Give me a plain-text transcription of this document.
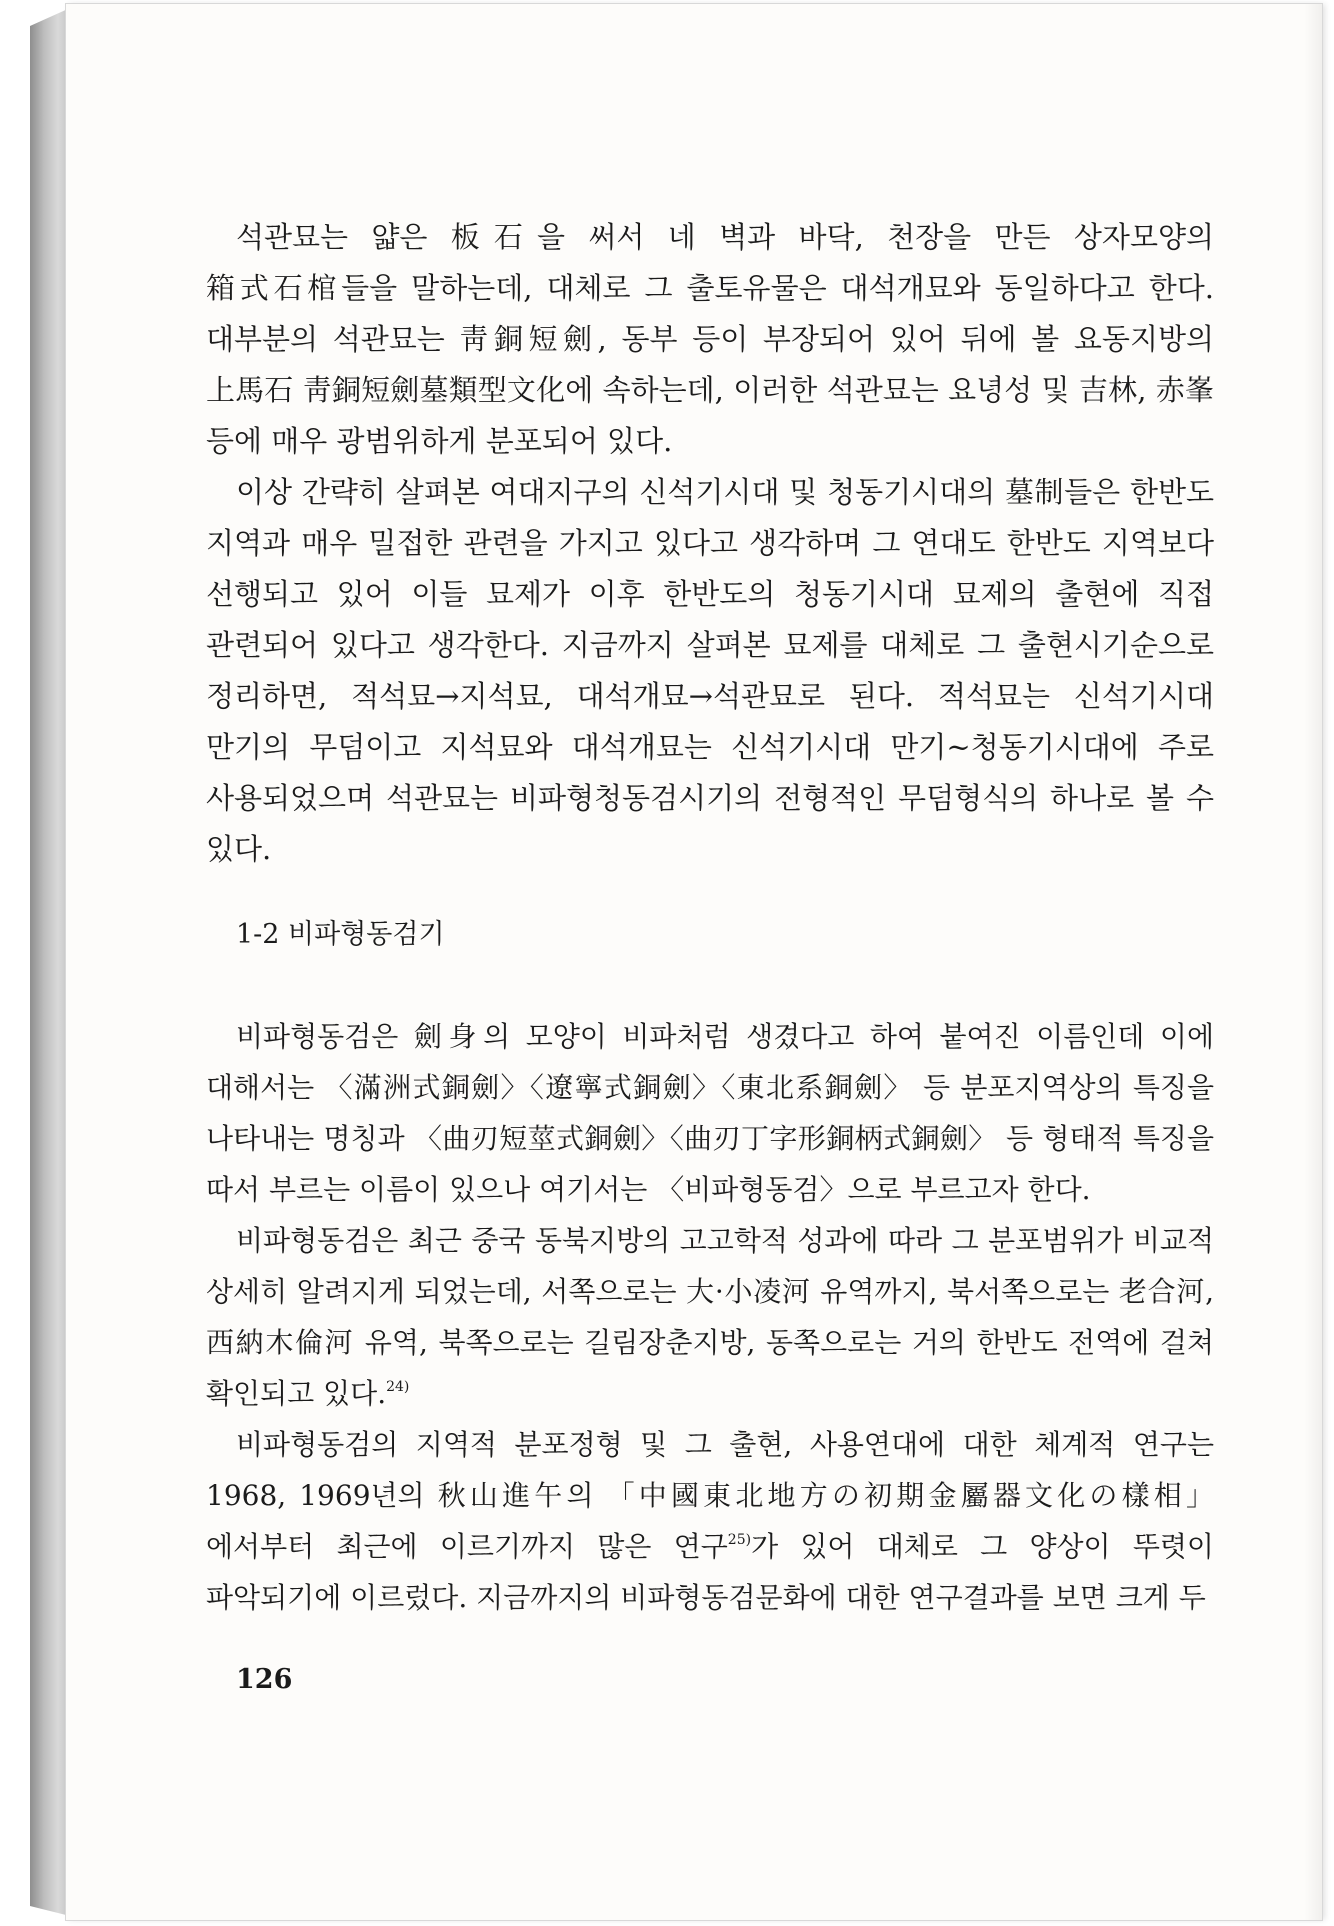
석관묘는 얇은 板石을 써서 네 벽과 바닥, 천장을 만든 상자모양의 箱式石棺들을 말하는데, 대체로 그 출토유물은 대석개묘와 동일하다고 한다. 대부분의 석관묘는 靑銅短劍, 동부 등이 부장되어 있어 뒤에 볼 요동지방의 上馬石 靑銅短劍墓類型文化에 속하는데, 이러한 석관묘는 요녕성 및 吉林, 赤峯 등에 매우 광범위하게 분포되어 있다.

이상 간략히 살펴본 여대지구의 신석기시대 및 청동기시대의 墓制들은 한반도 지역과 매우 밀접한 관련을 가지고 있다고 생각하며 그 연대도 한반도 지역보다 선행되고 있어 이들 묘제가 이후 한반도의 청동기시대 묘제의 출현에 직접 관련되어 있다고 생각한다. 지금까지 살펴본 묘제를 대체로 그 출현시기순으로 정리하면, 적석묘→지석묘, 대석개묘→석관묘로 된다. 적석묘는 신석기시대 만기의 무덤이고 지석묘와 대석개묘는 신석기시대 만기~청동기시대에 주로 사용되었으며 석관묘는 비파형청동검시기의 전형적인 무덤형식의 하나로 볼 수 있다.

1-2 비파형동검기

비파형동검은 劍身의 모양이 비파처럼 생겼다고 하여 붙여진 이름인데 이에 대해서는 〈滿洲式銅劍〉〈遼寧式銅劍〉〈東北系銅劍〉 등 분포지역상의 특징을 나타내는 명칭과 〈曲刃短莖式銅劍〉〈曲刃丁字形銅柄式銅劍〉 등 형태적 특징을 따서 부르는 이름이 있으나 여기서는 〈비파형동검〉으로 부르고자 한다.

비파형동검은 최근 중국 동북지방의 고고학적 성과에 따라 그 분포범위가 비교적 상세히 알려지게 되었는데, 서쪽으로는 大·小凌河 유역까지, 북서쪽으로는 老合河, 西納木倫河 유역, 북쪽으로는 길림장춘지방, 동쪽으로는 거의 한반도 전역에 걸쳐 확인되고 있다.$^{24)}$

비파형동검의 지역적 분포정형 및 그 출현, 사용연대에 대한 체계적 연구는 1968, 1969년의 秋山進午의 「中國東北地方の初期金屬器文化の樣相」에서부터 최근에 이르기까지 많은 연구$^{25)}$가 있어 대체로 그 양상이 뚜렷이 파악되기에 이르렀다. 지금까지의 비파형동검문화에 대한 연구결과를 보면 크게 두

126
